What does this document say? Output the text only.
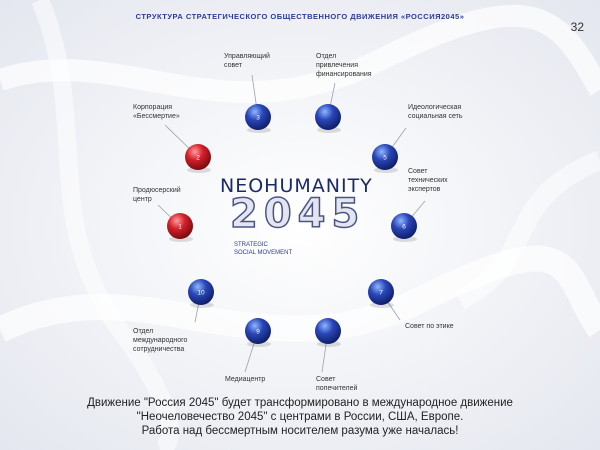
СТРУКТУРА СТРАТЕГИЧЕСКОГО ОБЩЕСТВЕННОГО ДВИЖЕНИЯ «РОССИЯ2045»
32
1
2
3
5
6
7
9
10
Продюсерский
центр
Корпорация
«Бессмертие»
Управляющий
совет
Отдел
привлечения
финансирования
Идеологическая
социальная сеть
Совет
технических
экспертов
Совет по этике
Совет
попечителей
Медиацентр
Отдел
международного
сотрудничества
NEOHUMANITY
2045
STRATEGIC
SOCIAL MOVEMENT
Движение "Россия 2045" будет трансформировано в международное движение
"Неочеловечество 2045" с центрами в России, США, Европе.
Работа над бессмертным носителем разума уже началась!
